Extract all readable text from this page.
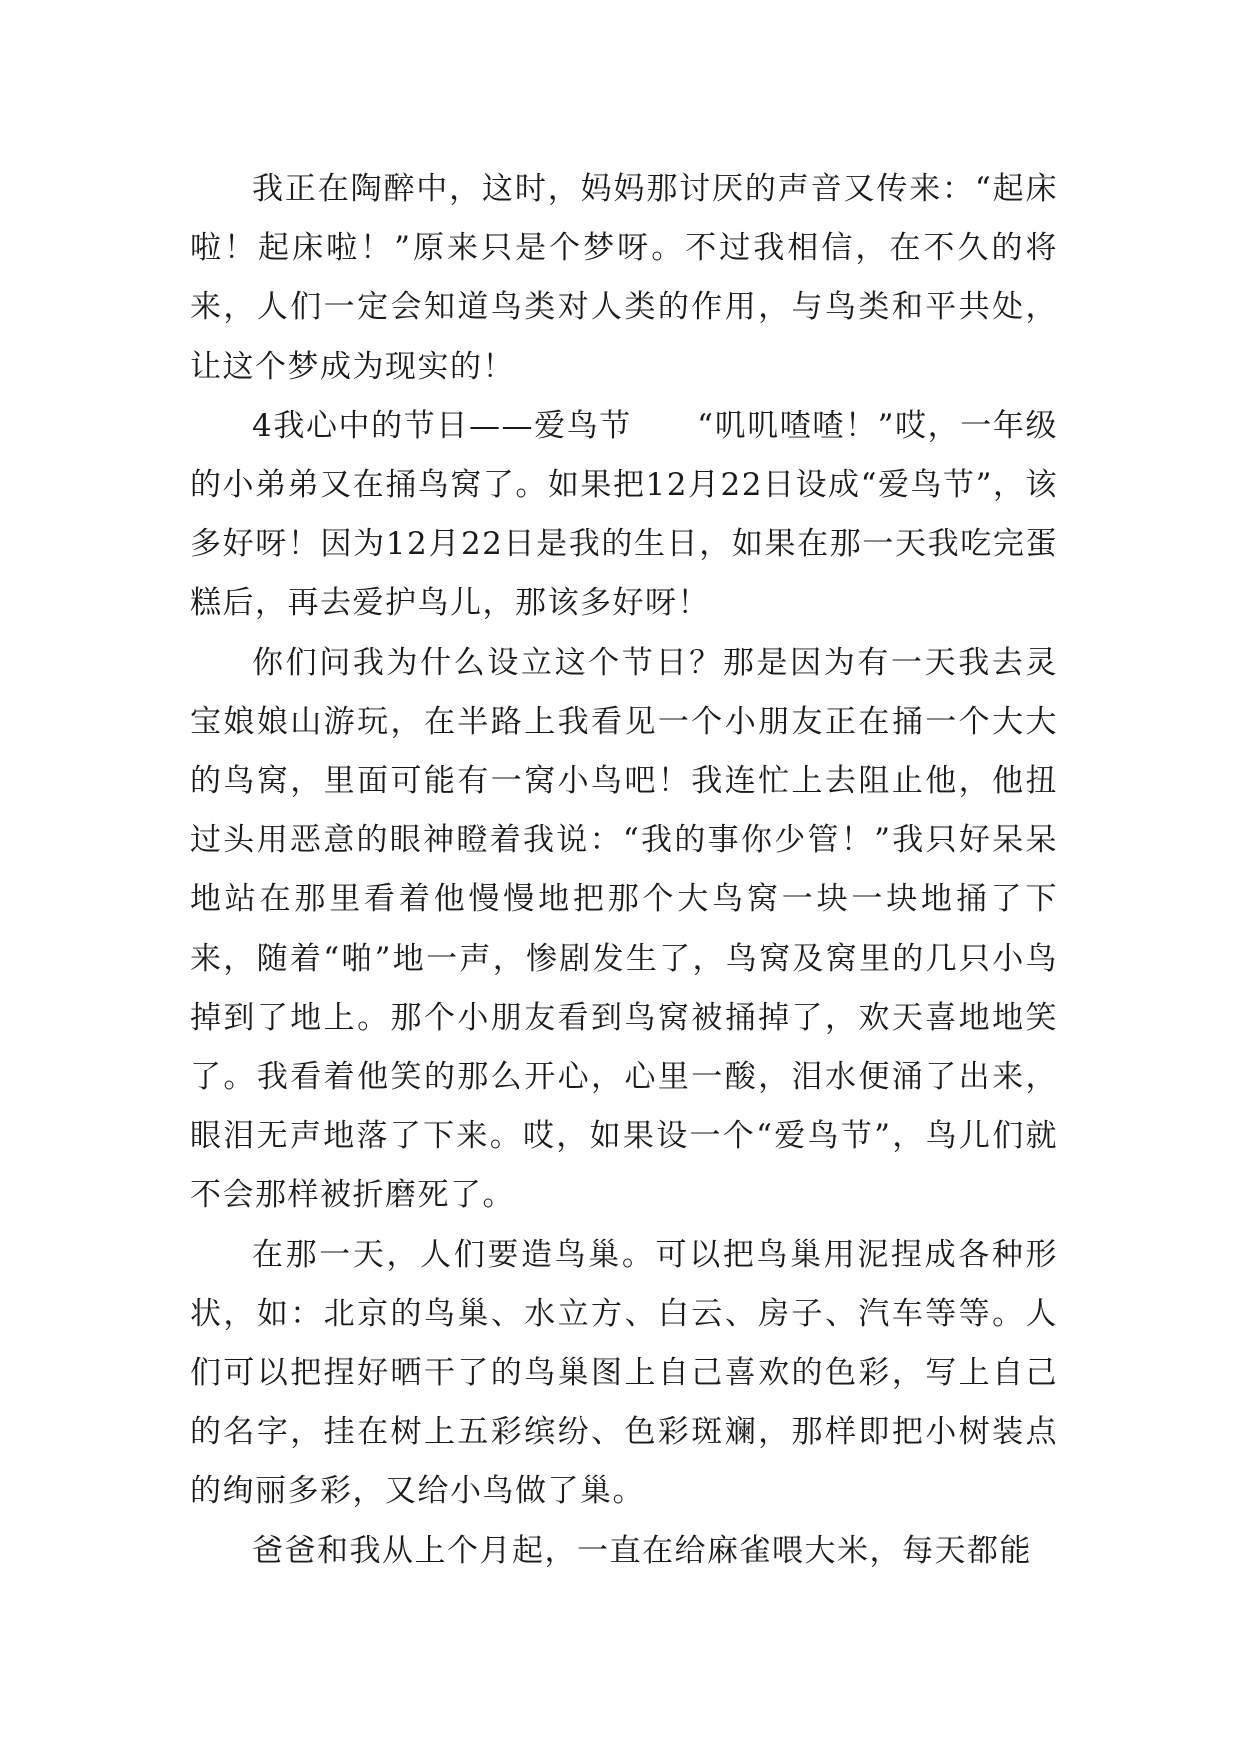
我正在陶醉中，这时，妈妈那讨厌的声音又传来：“起床啦！起床啦！”原来只是个梦呀。不过我相信，在不久的将来，人们一定会知道鸟类对人类的作用，与鸟类和平共处，让这个梦成为现实的！

4我心中的节日——爱鸟节　　“叽叽喳喳！”哎，一年级的小弟弟又在捅鸟窝了。如果把12月22日设成“爱鸟节”，该多好呀！因为12月22日是我的生日，如果在那一天我吃完蛋糕后，再去爱护鸟儿，那该多好呀！

你们问我为什么设立这个节日？那是因为有一天我去灵宝娘娘山游玩，在半路上我看见一个小朋友正在捅一个大大的鸟窝，里面可能有一窝小鸟吧！我连忙上去阻止他，他扭过头用恶意的眼神瞪着我说：“我的事你少管！”我只好呆呆地站在那里看着他慢慢地把那个大鸟窝一块一块地捅了下来，随着“啪”地一声，惨剧发生了，鸟窝及窝里的几只小鸟掉到了地上。那个小朋友看到鸟窝被捅掉了，欢天喜地地笑了。我看着他笑的那么开心，心里一酸，泪水便涌了出来，眼泪无声地落了下来。哎，如果设一个“爱鸟节”，鸟儿们就不会那样被折磨死了。

在那一天，人们要造鸟巢。可以把鸟巢用泥捏成各种形状，如：北京的鸟巢、水立方、白云、房子、汽车等等。人们可以把捏好晒干了的鸟巢图上自己喜欢的色彩，写上自己的名字，挂在树上五彩缤纷、色彩斑斓，那样即把小树装点的绚丽多彩，又给小鸟做了巢。

爸爸和我从上个月起，一直在给麻雀喂大米，每天都能
